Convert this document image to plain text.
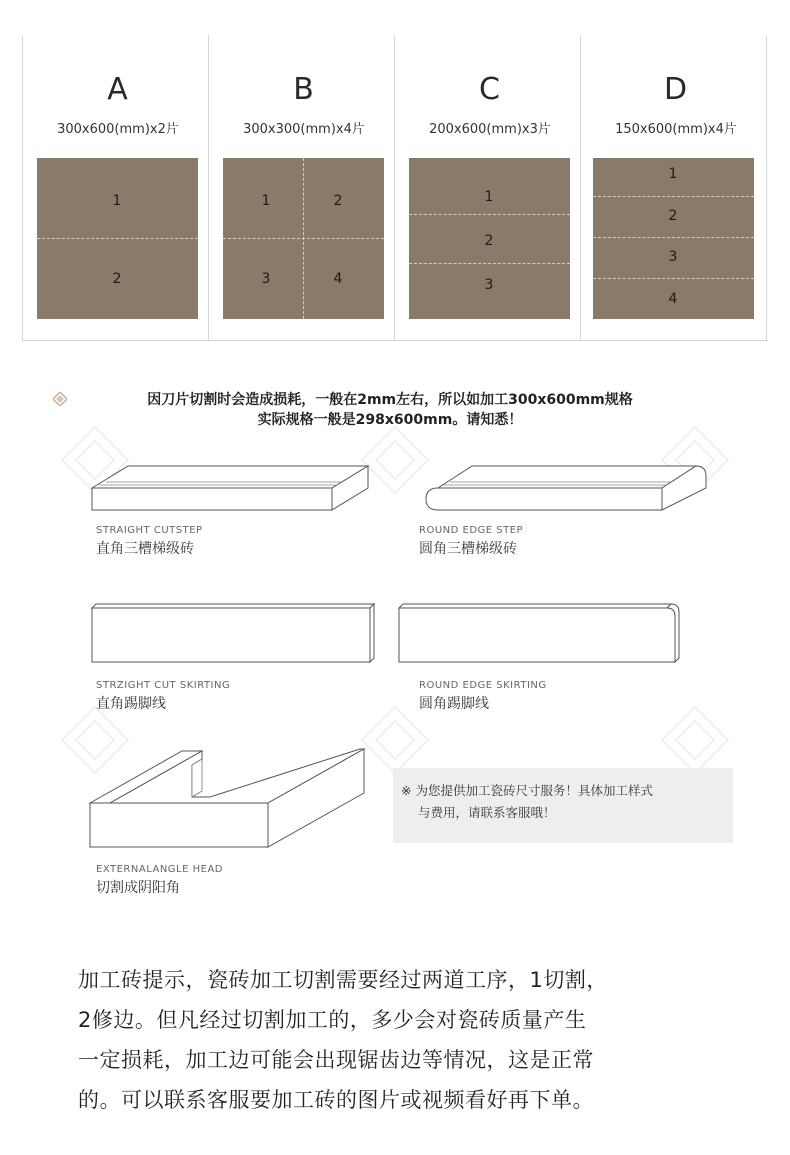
A
300x600(mm)x2片
1
2
B
300x300(mm)x4片
1	2
3	4
C
200x600(mm)x3片
1
2
3
D
150x600(mm)x4片
1
2
3
4
因刀片切割时会造成损耗，一般在2mm左右，所以如加工300x600mm规格
实际规格一般是298x600mm。请知悉！
STRAIGHT CUTSTEP
直角三槽梯级砖
ROUND EDGE STEP
圆角三槽梯级砖
STRZIGHT CUT SKIRTING
直角踢脚线
ROUND EDGE SKIRTING
圆角踢脚线
EXTERNALANGLE HEAD
切割成阴阳角
※ 为您提供加工瓷砖尺寸服务！具体加工样式
与费用，请联系客服哦！
加工砖提示，瓷砖加工切割需要经过两道工序，1切割，
2修边。但凡经过切割加工的，多少会对瓷砖质量产生
一定损耗，加工边可能会出现锯齿边等情况，这是正常
的。可以联系客服要加工砖的图片或视频看好再下单。
